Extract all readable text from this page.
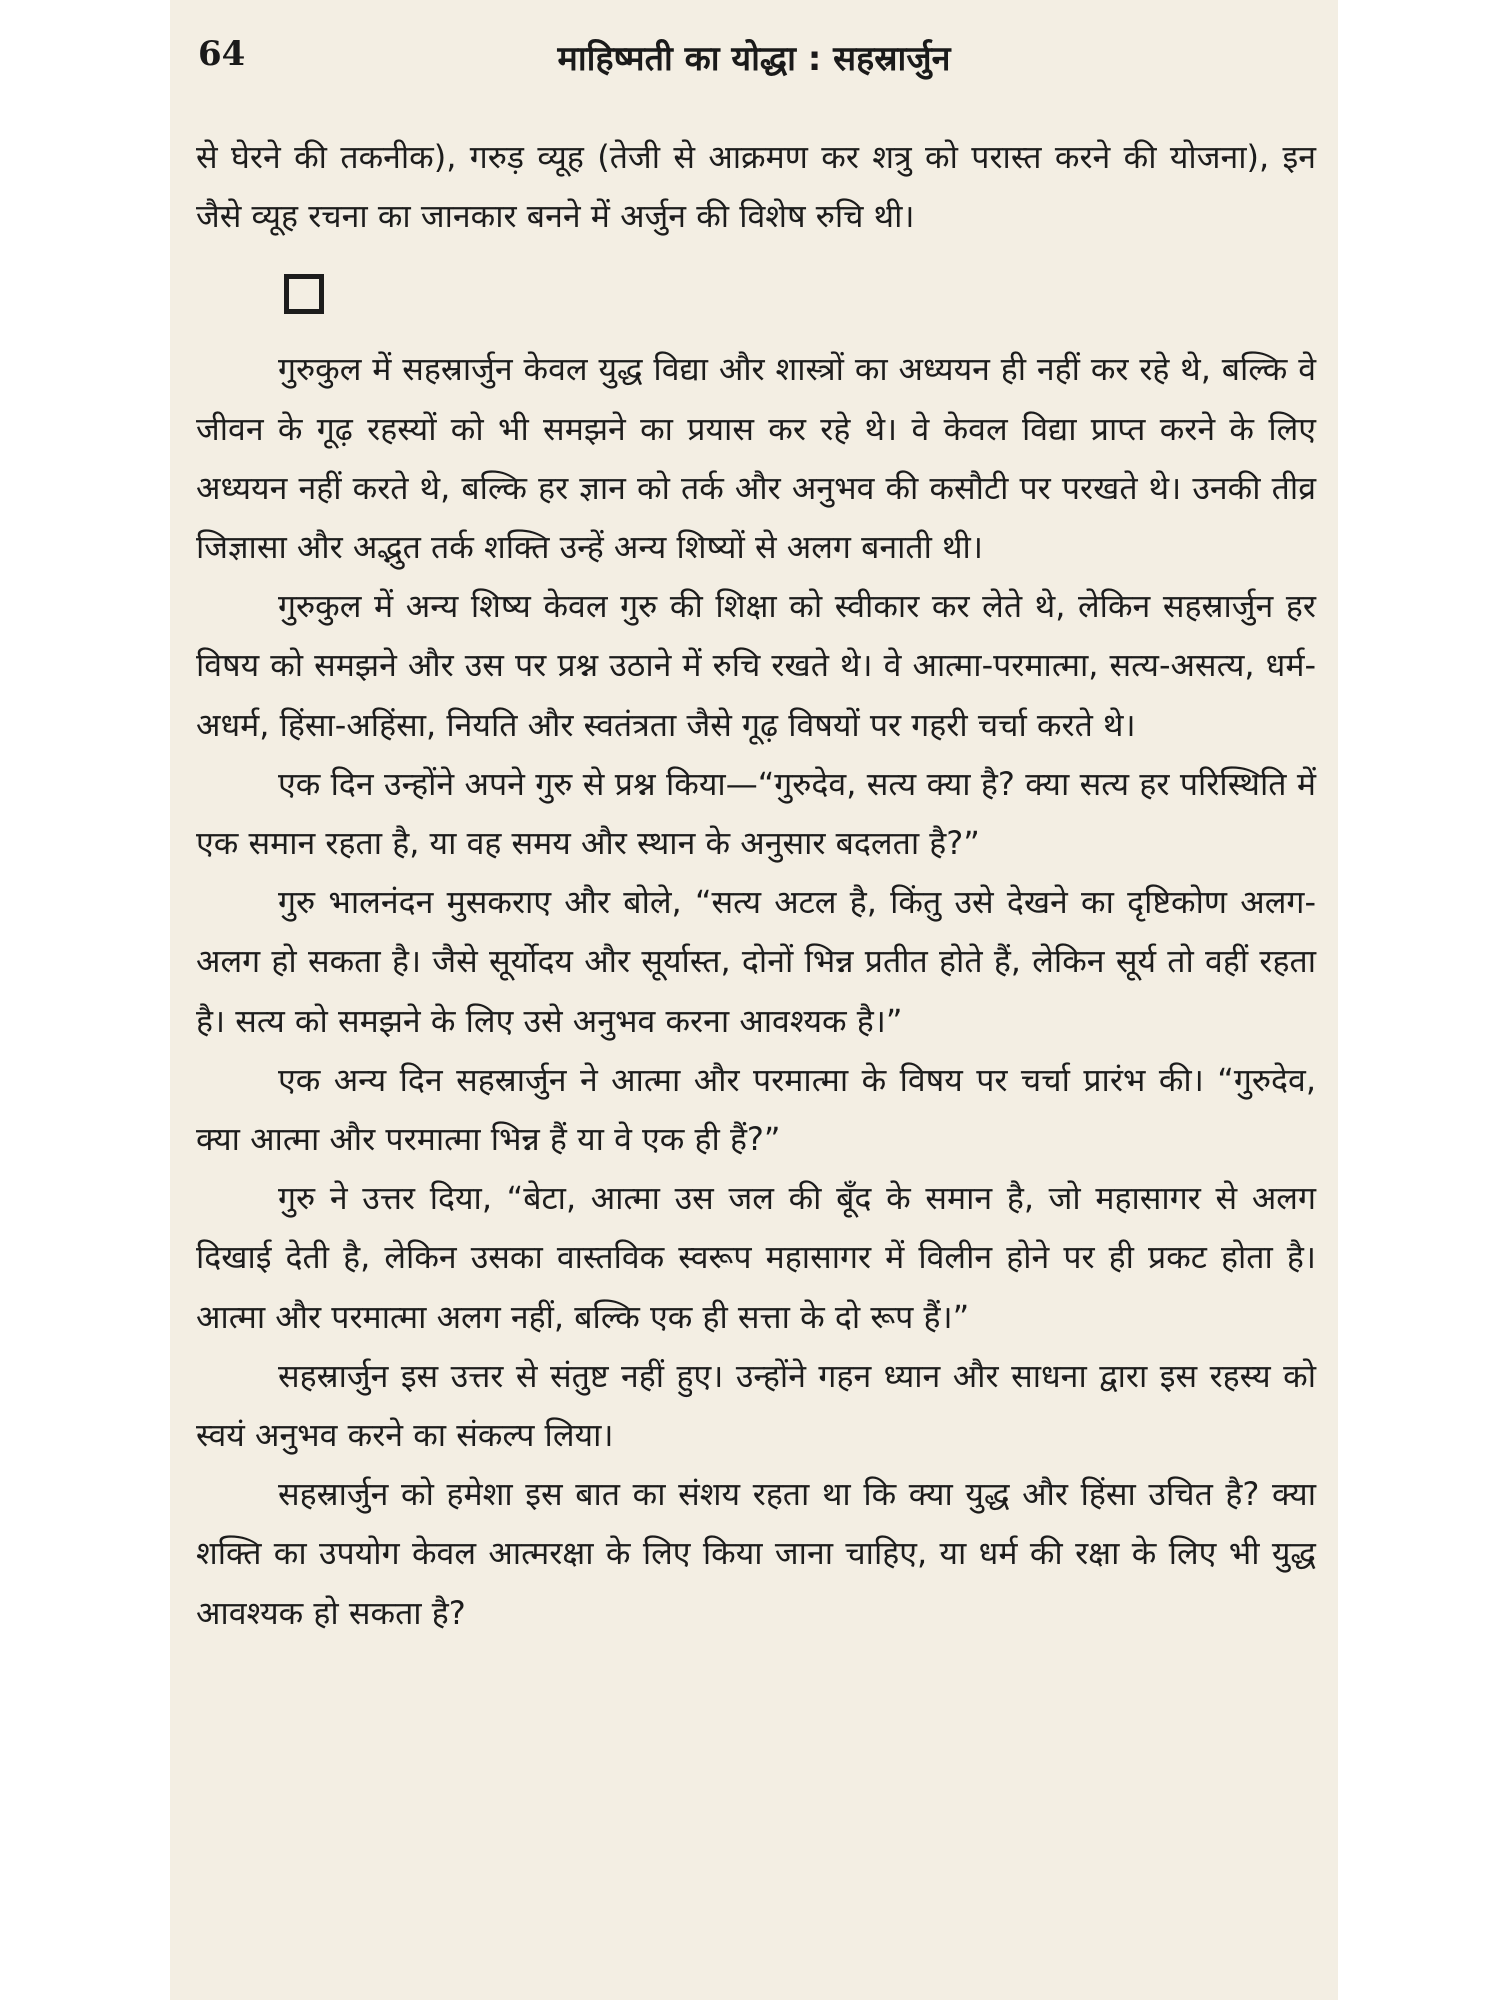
64	माहिष्मती का योद्धा : सहस्रार्जुन

से घेरने की तकनीक), गरुड़ व्यूह (तेजी से आक्रमण कर शत्रु को परास्त करने की योजना), इन जैसे व्यूह रचना का जानकार बनने में अर्जुन की विशेष रुचि थी।

गुरुकुल में सहस्रार्जुन केवल युद्ध विद्या और शास्त्रों का अध्ययन ही नहीं कर रहे थे, बल्कि वे जीवन के गूढ़ रहस्यों को भी समझने का प्रयास कर रहे थे। वे केवल विद्या प्राप्त करने के लिए अध्ययन नहीं करते थे, बल्कि हर ज्ञान को तर्क और अनुभव की कसौटी पर परखते थे। उनकी तीव्र जिज्ञासा और अद्भुत तर्क शक्ति उन्हें अन्य शिष्यों से अलग बनाती थी।

गुरुकुल में अन्य शिष्य केवल गुरु की शिक्षा को स्वीकार कर लेते थे, लेकिन सहस्रार्जुन हर विषय को समझने और उस पर प्रश्न उठाने में रुचि रखते थे। वे आत्मा-परमात्मा, सत्य-असत्य, धर्म-अधर्म, हिंसा-अहिंसा, नियति और स्वतंत्रता जैसे गूढ़ विषयों पर गहरी चर्चा करते थे।

एक दिन उन्होंने अपने गुरु से प्रश्न किया—“गुरुदेव, सत्य क्या है? क्या सत्य हर परिस्थिति में एक समान रहता है, या वह समय और स्थान के अनुसार बदलता है?”

गुरु भालनंदन मुसकराए और बोले, “सत्य अटल है, किंतु उसे देखने का दृष्टिकोण अलग-अलग हो सकता है। जैसे सूर्योदय और सूर्यास्त, दोनों भिन्न प्रतीत होते हैं, लेकिन सूर्य तो वहीं रहता है। सत्य को समझने के लिए उसे अनुभव करना आवश्यक है।”

एक अन्य दिन सहस्रार्जुन ने आत्मा और परमात्मा के विषय पर चर्चा प्रारंभ की। “गुरुदेव, क्या आत्मा और परमात्मा भिन्न हैं या वे एक ही हैं?”

गुरु ने उत्तर दिया, “बेटा, आत्मा उस जल की बूँद के समान है, जो महासागर से अलग दिखाई देती है, लेकिन उसका वास्तविक स्वरूप महासागर में विलीन होने पर ही प्रकट होता है। आत्मा और परमात्मा अलग नहीं, बल्कि एक ही सत्ता के दो रूप हैं।”

सहस्रार्जुन इस उत्तर से संतुष्ट नहीं हुए। उन्होंने गहन ध्यान और साधना द्वारा इस रहस्य को स्वयं अनुभव करने का संकल्प लिया।

सहस्रार्जुन को हमेशा इस बात का संशय रहता था कि क्या युद्ध और हिंसा उचित है? क्या शक्ति का उपयोग केवल आत्मरक्षा के लिए किया जाना चाहिए, या धर्म की रक्षा के लिए भी युद्ध आवश्यक हो सकता है?
